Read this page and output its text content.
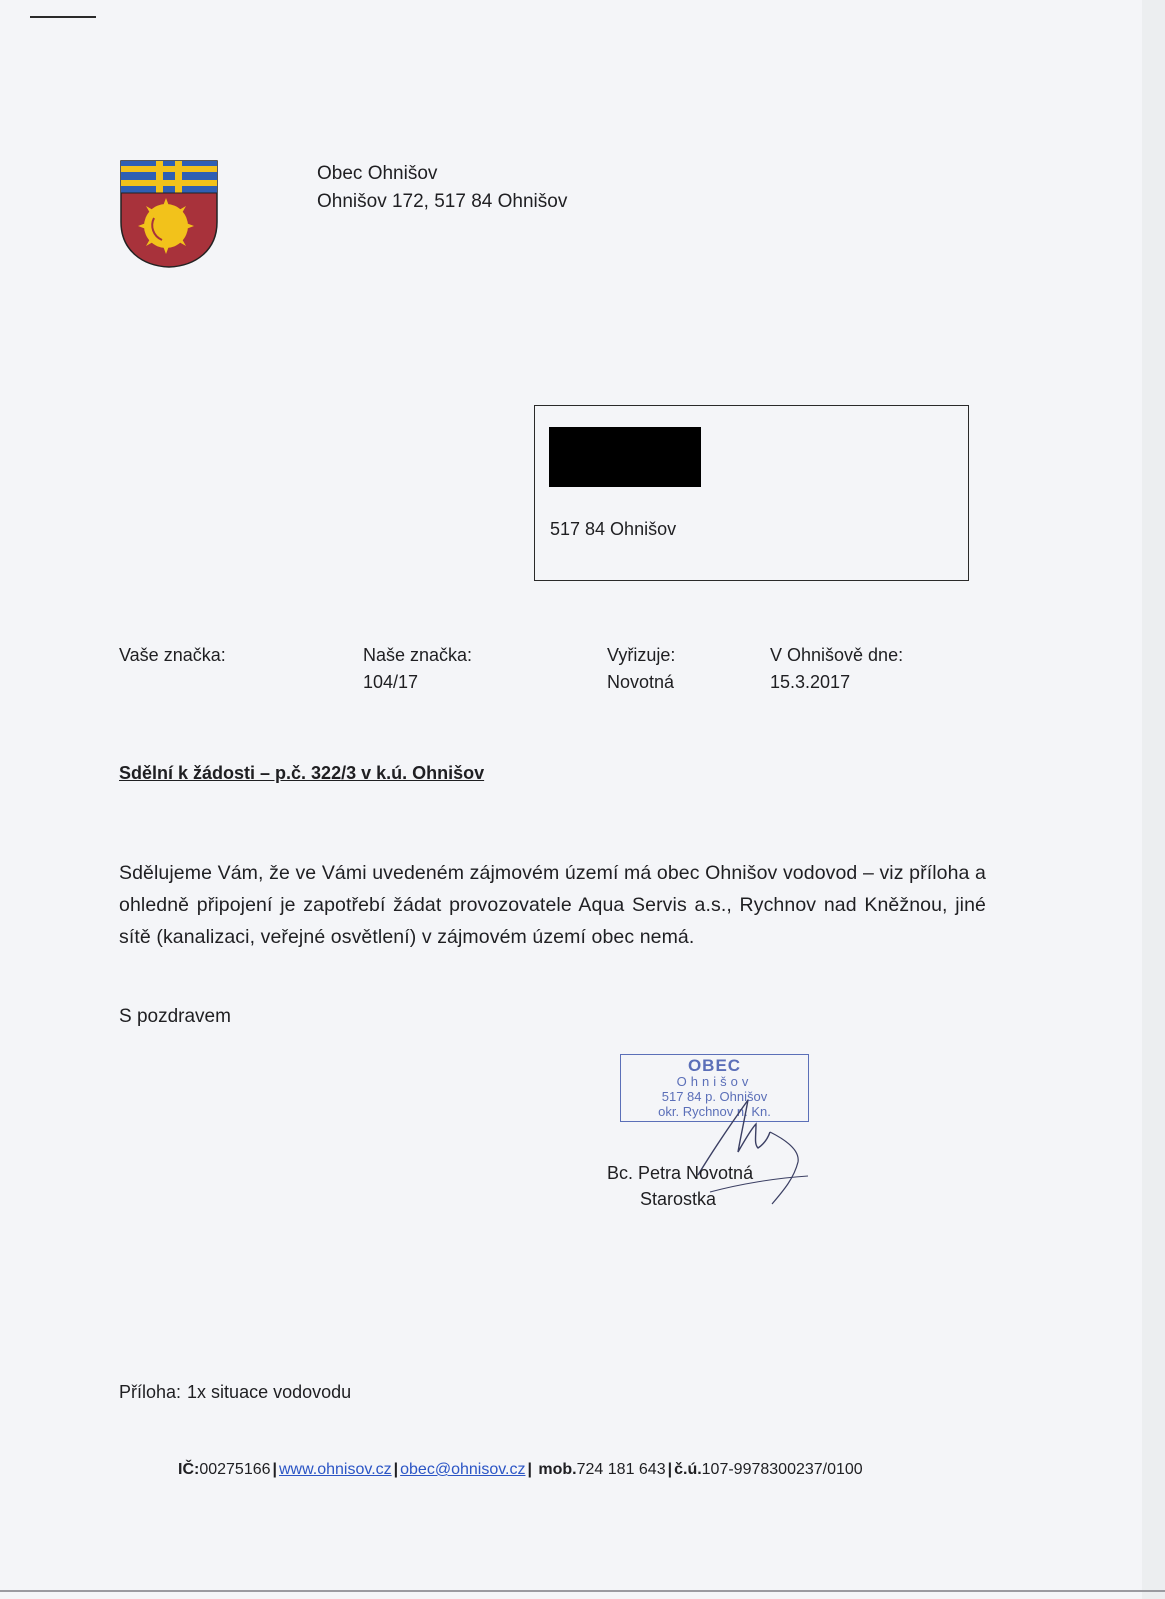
Obec Ohnišov
Ohnišov 172, 517 84 Ohnišov
517 84 Ohnišov
Vaše značka:	Naše značka:
104/17
Vyřizuje:
Novotná
V Ohnišově dne:
15.3.2017
Sdělní k žádosti – p.č. 322/3 v k.ú. Ohnišov
Sdělujeme Vám, že ve Vámi uvedeném zájmovém území má obec Ohnišov vodovod – viz příloha a ohledně připojení je zapotřebí žádat provozovatele Aqua Servis a.s., Rychnov nad Kněžnou, jiné sítě (kanalizaci, veřejné osvětlení) v zájmovém území obec nemá.
S pozdravem
OBEC
Ohnišov
517 84 p. Ohnišov
okr. Rychnov n. Kn.
Bc. Petra Novotná
Starostka
Příloha: 1x situace vodovodu
IČ:00275166 | www.ohnisov.cz | obec@ohnisov.cz | mob.724 181 643 | č.ú.107-9978300237/0100
